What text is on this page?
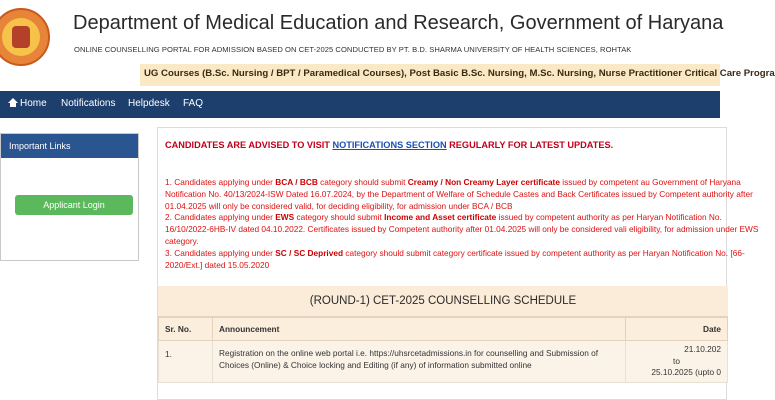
Department of Medical Education and Research, Government of Haryana
ONLINE COUNSELLING PORTAL FOR ADMISSION BASED ON CET-2025 CONDUCTED BY PT. B.D. SHARMA UNIVERSITY OF HEALTH SCIENCES, ROHTAK
UG Courses (B.Sc. Nursing / BPT / Paramedical Courses), Post Basic B.Sc. Nursing, M.Sc. Nursing, Nurse Practitioner Critical Care Progra
Home Notifications Helpdesk FAQ
Important Links
Applicant Login
CANDIDATES ARE ADVISED TO VISIT NOTIFICATIONS SECTION REGULARLY FOR LATEST UPDATES.
1. Candidates applying under BCA / BCB category should submit Creamy / Non Creamy Layer certificate issued by competent au Government of Haryana Notification No. 40/13/2024-ISW Dated 16.07.2024, by the Department of Welfare of Schedule Castes and Back Certificates issued by Competent authority after 01.04.2025 will only be considered valid, for deciding eligibility, for admission under BCA / BCB
2. Candidates applying under EWS category should submit Income and Asset certificate issued by competent authority as per Haryan Notification No. 16/10/2022-6HB-IV dated 04.10.2022. Certificates issued by Competent authority after 01.04.2025 will only be considered vali eligibility, for admission under EWS category.
3. Candidates applying under SC / SC Deprived category should submit category certificate issued by competent authority as per Haryan Notification No. [66-2020/Ext.] dated 15.05.2020
(ROUND-1) CET-2025 COUNSELLING SCHEDULE
Sr. No.	Announcement	Date
1.	Registration on the online web portal i.e. https://uhsrcetadmissions.in for counselling and Submission of Choices (Online) & Choice locking and Editing (if any) of information submitted online	21.10.202
to
25.10.2025 (upto 0
